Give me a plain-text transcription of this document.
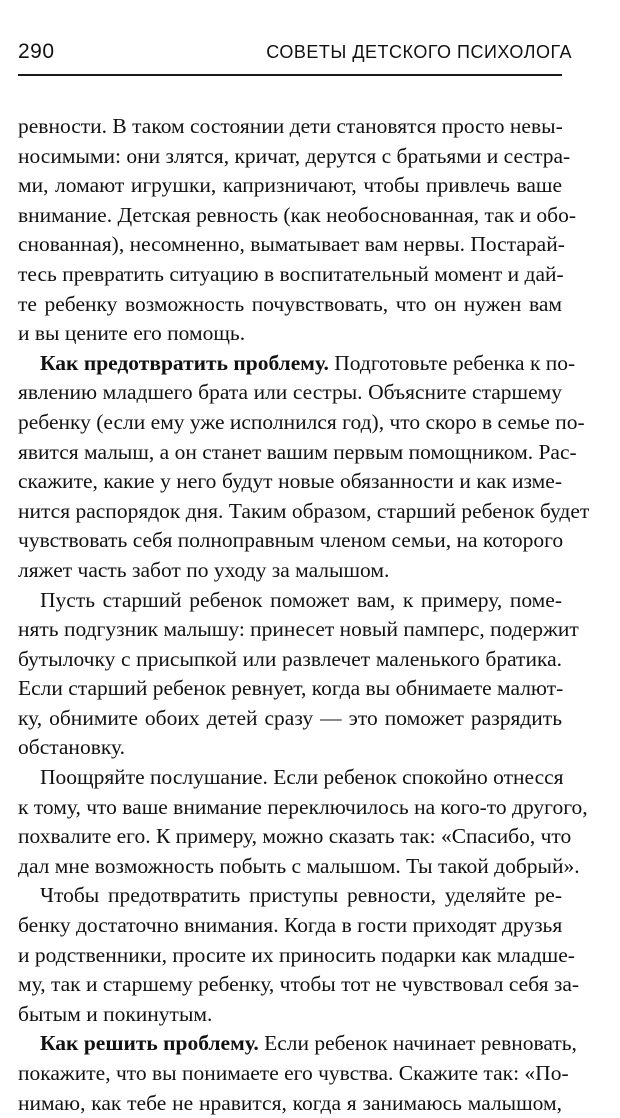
290	СОВЕТЫ ДЕТСКОГО ПСИХОЛОГА
ревности. В таком состоянии дети становятся просто невы-
носимыми: они злятся, кричат, дерутся с братьями и сестра-
ми, ломают игрушки, капризничают, чтобы привлечь ваше
внимание. Детская ревность (как необоснованная, так и обо-
снованная), несомненно, выматывает вам нервы. Постарай-
тесь превратить ситуацию в воспитательный момент и дай-
те ребенку возможность почувствовать, что он нужен вам
и вы цените его помощь.
Как предотвратить проблему. Подготовьте ребенка к по-
явлению младшего брата или сестры. Объясните старшему
ребенку (если ему уже исполнился год), что скоро в семье по-
явится малыш, а он станет вашим первым помощником. Рас-
скажите, какие у него будут новые обязанности и как изме-
нится распорядок дня. Таким образом, старший ребенок будет
чувствовать себя полноправным членом семьи, на которого
ляжет часть забот по уходу за малышом.
Пусть старший ребенок поможет вам, к примеру, поме-
нять подгузник малышу: принесет новый памперс, подержит
бутылочку с присыпкой или развлечет маленького братика.
Если старший ребенок ревнует, когда вы обнимаете малют-
ку, обнимите обоих детей сразу — это поможет разрядить
обстановку.
Поощряйте послушание. Если ребенок спокойно отнесся
к тому, что ваше внимание переключилось на кого-то другого,
похвалите его. К примеру, можно сказать так: «Спасибо, что
дал мне возможность побыть с малышом. Ты такой добрый».
Чтобы предотвратить приступы ревности, уделяйте ре-
бенку достаточно внимания. Когда в гости приходят друзья
и родственники, просите их приносить подарки как младше-
му, так и старшему ребенку, чтобы тот не чувствовал себя за-
бытым и покинутым.
Как решить проблему. Если ребенок начинает ревновать,
покажите, что вы понимаете его чувства. Скажите так: «По-
нимаю, как тебе не нравится, когда я занимаюсь малышом,
